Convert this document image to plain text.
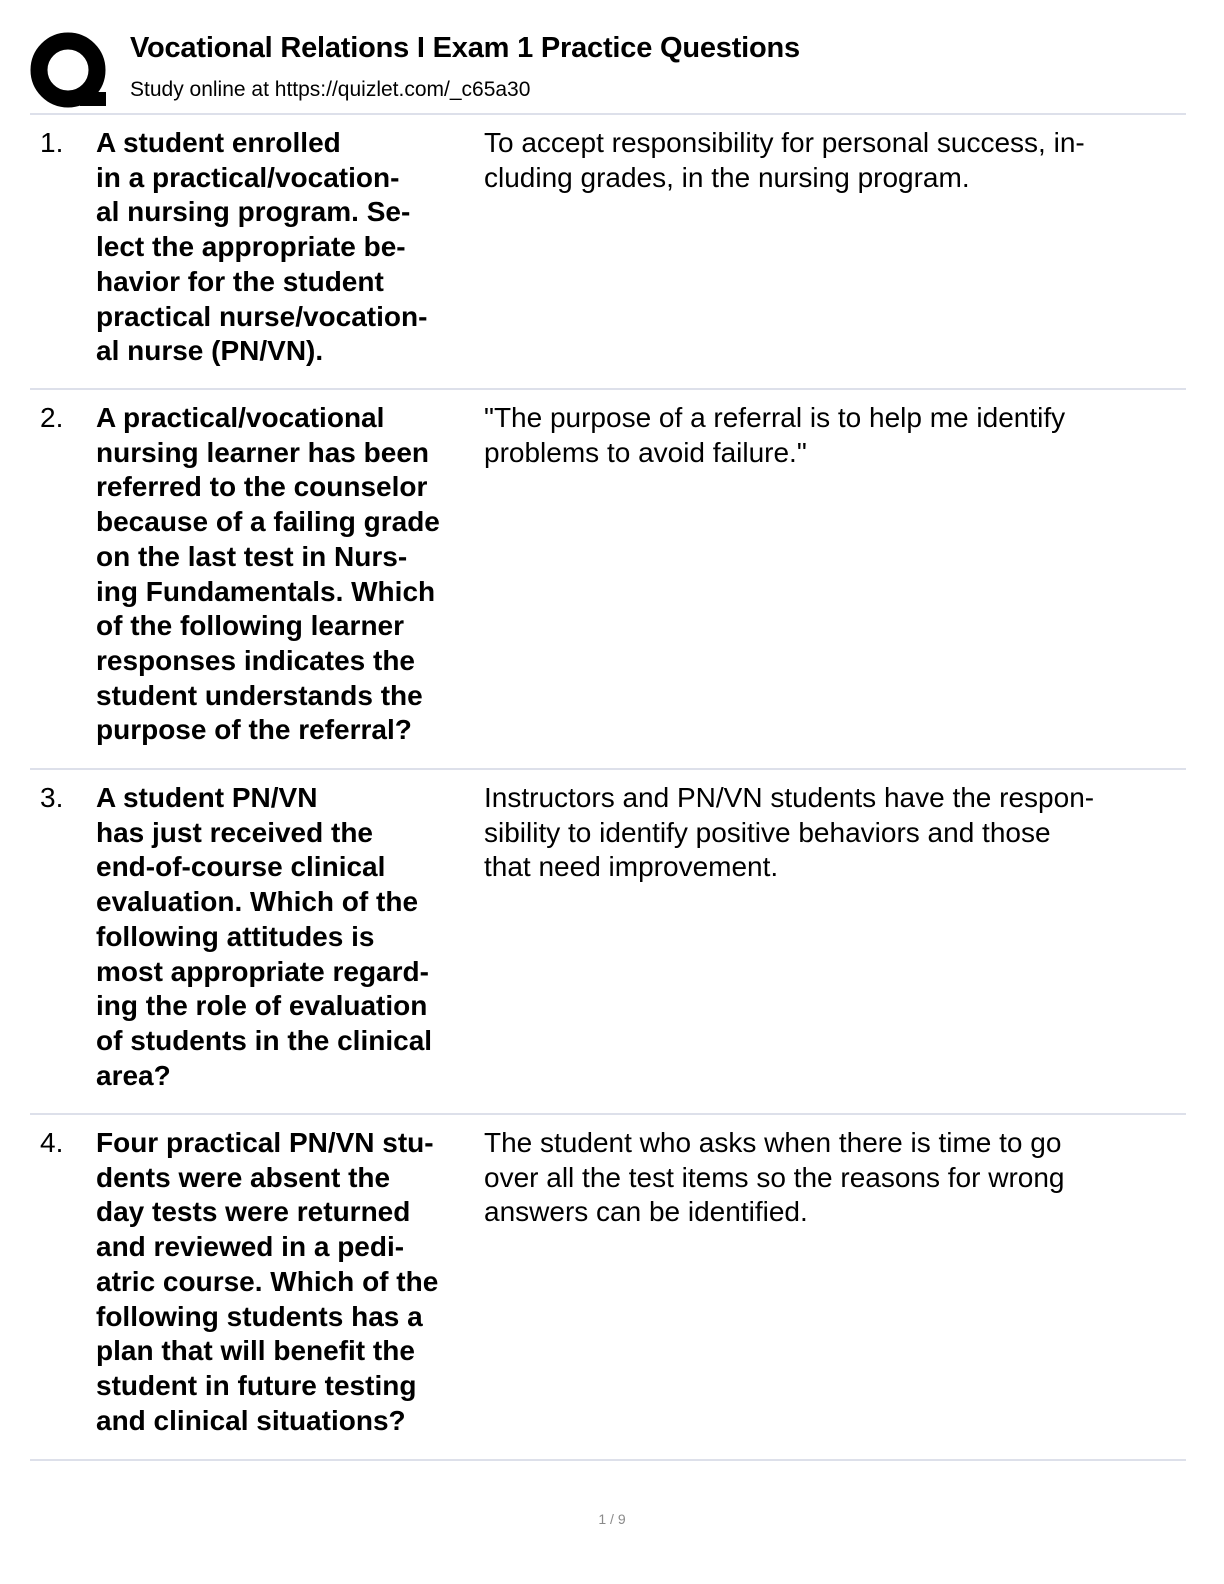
Vocational Relations I Exam 1 Practice Questions
Study online at https://quizlet.com/_c65a30
1. A student enrolled
in a practical/vocation-
al nursing program. Se-
lect the appropriate be-
havior for the student
practical nurse/vocation-
al nurse (PN/VN).
To accept responsibility for personal success, in-
cluding grades, in the nursing program.
2. A practical/vocational
nursing learner has been
referred to the counselor
because of a failing grade
on the last test in Nurs-
ing Fundamentals. Which
of the following learner
responses indicates the
student understands the
purpose of the referral?
"The purpose of a referral is to help me identify
problems to avoid failure."
3. A student PN/VN
has just received the
end-of-course clinical
evaluation. Which of the
following attitudes is
most appropriate regard-
ing the role of evaluation
of students in the clinical
area?
Instructors and PN/VN students have the respon-
sibility to identify positive behaviors and those
that need improvement.
4. Four practical PN/VN stu-
dents were absent the
day tests were returned
and reviewed in a pedi-
atric course. Which of the
following students has a
plan that will benefit the
student in future testing
and clinical situations?
The student who asks when there is time to go
over all the test items so the reasons for wrong
answers can be identified.
1 / 9
